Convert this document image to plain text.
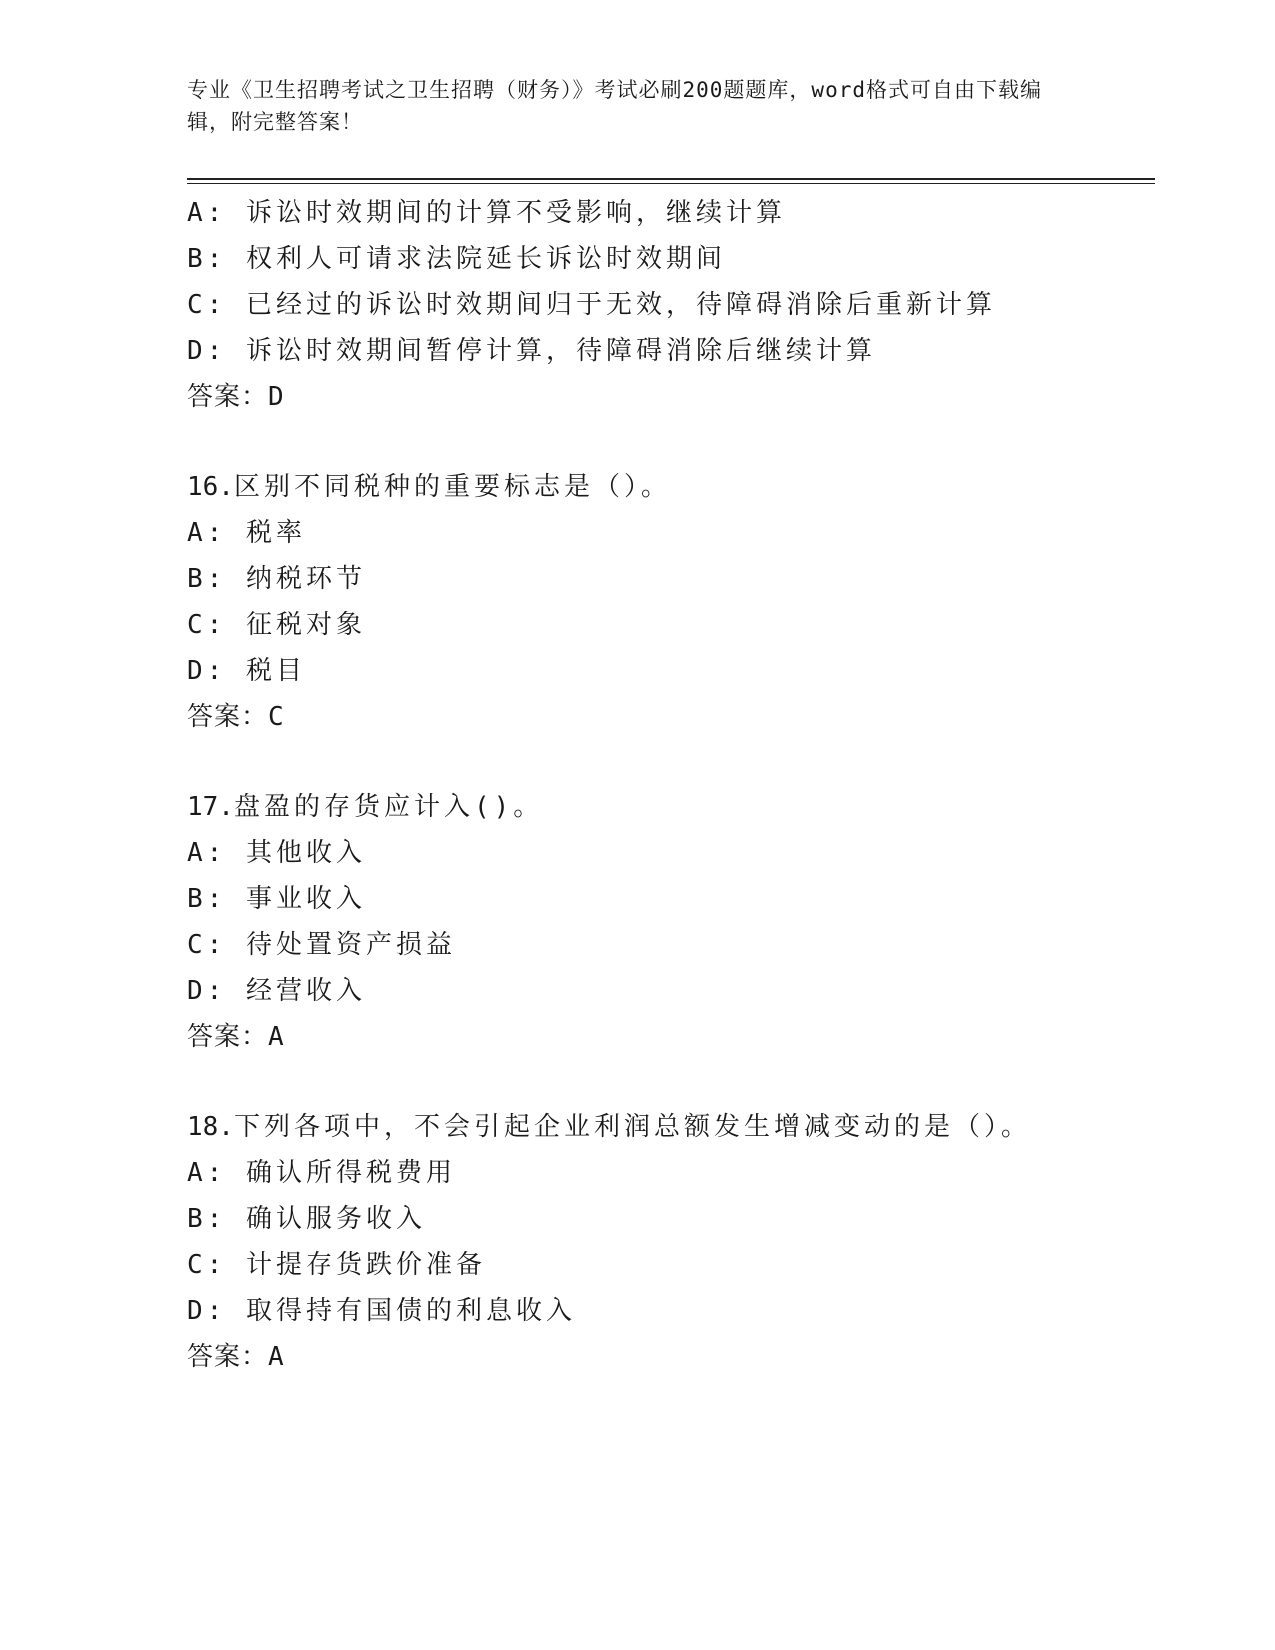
专业《卫生招聘考试之卫生招聘（财务）》考试必刷200题题库，word格式可自由下载编辑，附完整答案！
A: 诉讼时效期间的计算不受影响，继续计算
B: 权利人可请求法院延长诉讼时效期间
C: 已经过的诉讼时效期间归于无效，待障碍消除后重新计算
D: 诉讼时效期间暂停计算，待障碍消除后继续计算
答案：D
16.区别不同税种的重要标志是（）。
A: 税率
B: 纳税环节
C: 征税对象
D: 税目
答案：C
17.盘盈的存货应计入()。
A: 其他收入
B: 事业收入
C: 待处置资产损益
D: 经营收入
答案：A
18.下列各项中，不会引起企业利润总额发生增减变动的是（）。
A: 确认所得税费用
B: 确认服务收入
C: 计提存货跌价准备
D: 取得持有国债的利息收入
答案：A
